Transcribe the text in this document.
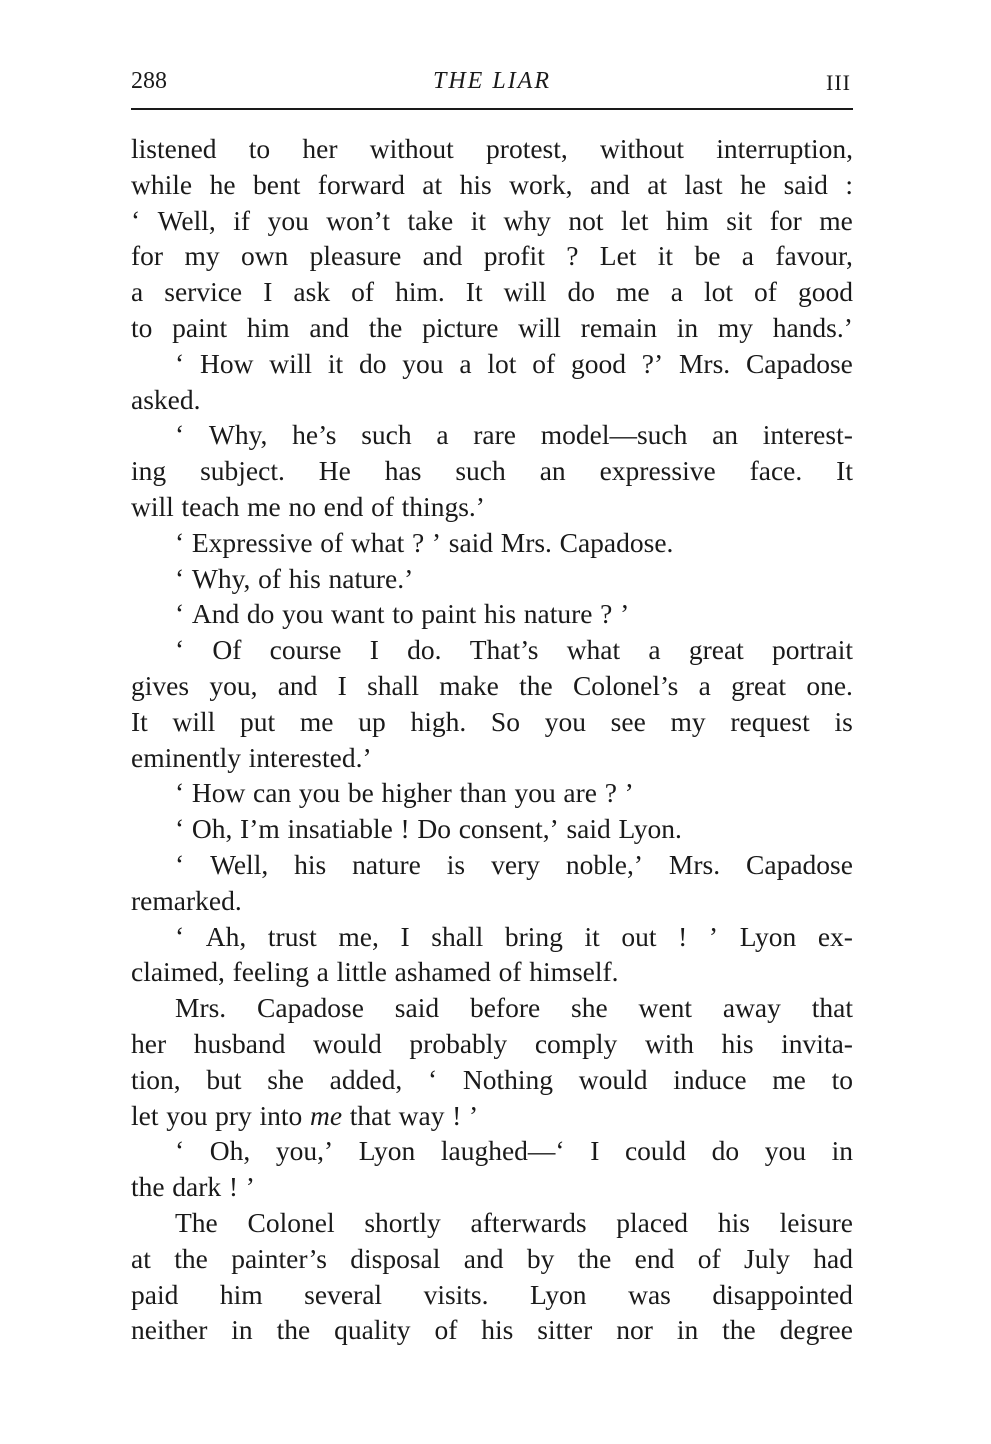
288	THE LIAR	III
listened to her without protest, without interruption,
while he bent forward at his work, and at last he said :
‘ Well, if you won’t take it why not let him sit for me
for my own pleasure and profit ? Let it be a favour,
a service I ask of him. It will do me a lot of good
to paint him and the picture will remain in my hands.’
‘ How will it do you a lot of good ?’ Mrs. Capadose
asked.
‘ Why, he’s such a rare model—such an interest-
ing subject. He has such an expressive face. It
will teach me no end of things.’
‘ Expressive of what ? ’ said Mrs. Capadose.
‘ Why, of his nature.’
‘ And do you want to paint his nature ? ’
‘ Of course I do. That’s what a great portrait
gives you, and I shall make the Colonel’s a great one.
It will put me up high. So you see my request is
eminently interested.’
‘ How can you be higher than you are ? ’
‘ Oh, I’m insatiable ! Do consent,’ said Lyon.
‘ Well, his nature is very noble,’ Mrs. Capadose
remarked.
‘ Ah, trust me, I shall bring it out ! ’ Lyon ex-
claimed, feeling a little ashamed of himself.
Mrs. Capadose said before she went away that
her husband would probably comply with his invita-
tion, but she added, ‘ Nothing would induce me to
let you pry into me that way ! ’
‘ Oh, you,’ Lyon laughed—‘ I could do you in
the dark ! ’
The Colonel shortly afterwards placed his leisure
at the painter’s disposal and by the end of July had
paid him several visits. Lyon was disappointed
neither in the quality of his sitter nor in the degree
